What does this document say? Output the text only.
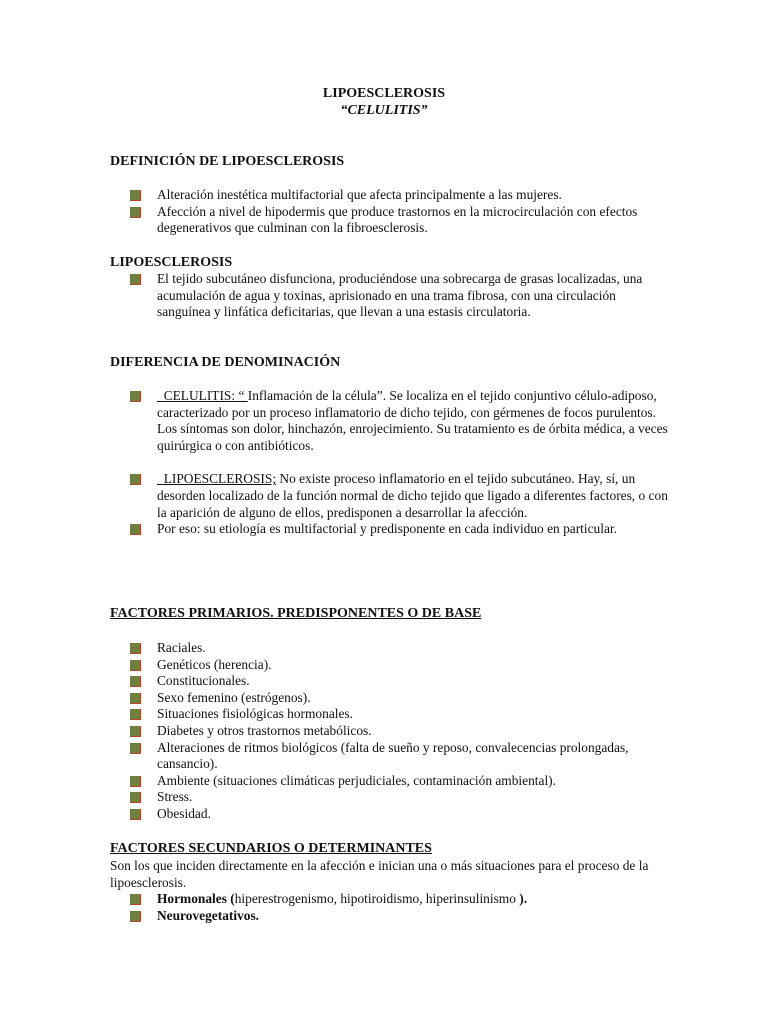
LIPOESCLEROSIS
“CELULITIS”
DEFINICIÓN DE LIPOESCLEROSIS
Alteración inestética multifactorial que afecta principalmente a las mujeres.
Afección a nivel de hipodermis que produce trastornos en la microcirculación con efectos degenerativos que culminan con la fibroesclerosis.
LIPOESCLEROSIS
El tejido subcutáneo disfunciona, produciéndose una sobrecarga de grasas localizadas, una acumulación de agua y toxinas, aprisionado en una trama fibrosa, con una circulación sanguínea y linfática deficitarias, que llevan a una estasis circulatoria.
DIFERENCIA DE DENOMINACIÓN
CELULITIS: “ Inflamación de la célula”. Se localiza en el tejido conjuntivo célulo-adiposo, caracterizado por un proceso inflamatorio de dicho tejido, con gérmenes de focos purulentos. Los síntomas son dolor, hinchazón, enrojecimiento. Su tratamiento es de órbita médica, a veces quirúrgica o con antibióticos.
LIPOESCLEROSIS; No existe proceso inflamatorio en el tejido subcutáneo. Hay, sí, un desorden localizado de la función normal de dicho tejido que ligado a diferentes factores, o con la aparición de alguno de ellos, predisponen a desarrollar la afección.
Por eso: su etiología es multifactorial y predisponente en cada individuo en particular.
FACTORES PRIMARIOS. PREDISPONENTES O DE BASE
Raciales.
Genéticos (herencia).
Constitucionales.
Sexo femenino (estrógenos).
Situaciones fisiológicas hormonales.
Diabetes y otros trastornos metabólicos.
Alteraciones de ritmos biológicos (falta de sueño y reposo, convalecencias prolongadas, cansancio).
Ambiente (situaciones climáticas perjudiciales, contaminación ambiental).
Stress.
Obesidad.
FACTORES SECUNDARIOS O DETERMINANTES
Son los que inciden directamente en la afección e inician una o más situaciones para el proceso de la lipoesclerosis.
Hormonales (hiperestrogenismo, hipotiroidismo, hiperinsulinismo ).
Neurovegetativos.
